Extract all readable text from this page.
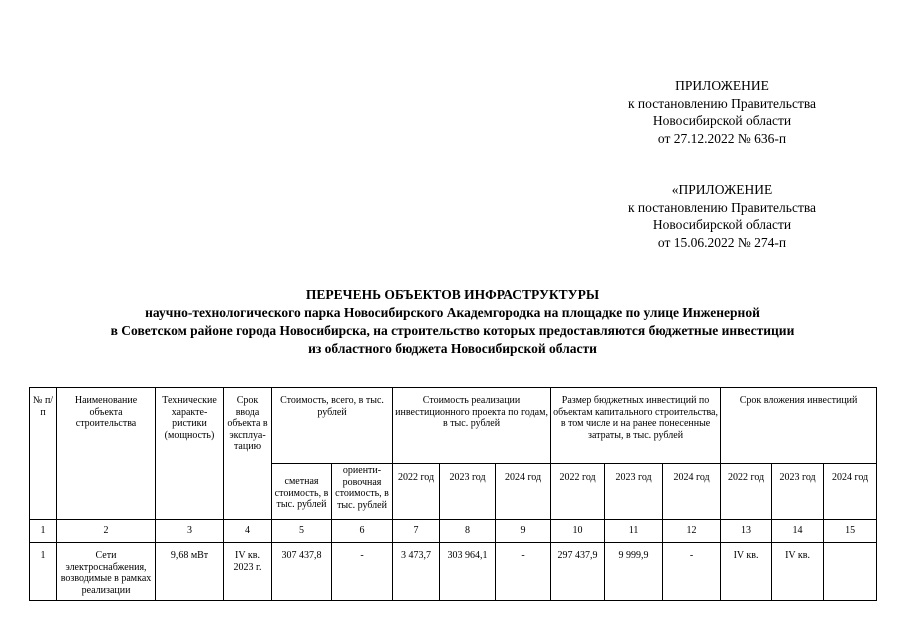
ПРИЛОЖЕНИЕ
к постановлению Правительства
Новосибирской области
от 27.12.2022 № 636-п
«ПРИЛОЖЕНИЕ
к постановлению Правительства
Новосибирской области
от 15.06.2022 № 274-п
ПЕРЕЧЕНЬ ОБЪЕКТОВ ИНФРАСТРУКТУРЫ
научно-технологического парка Новосибирского Академгородка на площадке по улице Инженерной
в Советском районе города Новосибирска, на строительство которых предоставляются бюджетные инвестиции
из областного бюджета Новосибирской области
№ п/п	Наименование объекта строительства	Технические характе-ристики (мощность)	Срок ввода объекта в эксплуа-тацию	Стоимость, всего, в тыс. рублей		Стоимость реализации инвестиционного проекта по годам, в тыс. рублей			Размер бюджетных инвестиций по объектам капитального строительства, в том числе и на ранее понесенные затраты, в тыс. рублей			Срок вложения инвестиций		
				сметная стоимость, в тыс. рублей	ориенти-ровочная стоимость, в тыс. рублей	2022 год	2023 год	2024 год	2022 год	2023 год	2024 год	2022 год	2023 год	2024 год
1	2	3	4	5	6	7	8	9	10	11	12	13	14	15
1	Сети электроснабжения, возводимые в рамках реализации	9,68 мВт	IV кв. 2023 г.	307 437,8	-	3 473,7	303 964,1	-	297 437,9	9 999,9	-	IV кв.	IV кв.	
